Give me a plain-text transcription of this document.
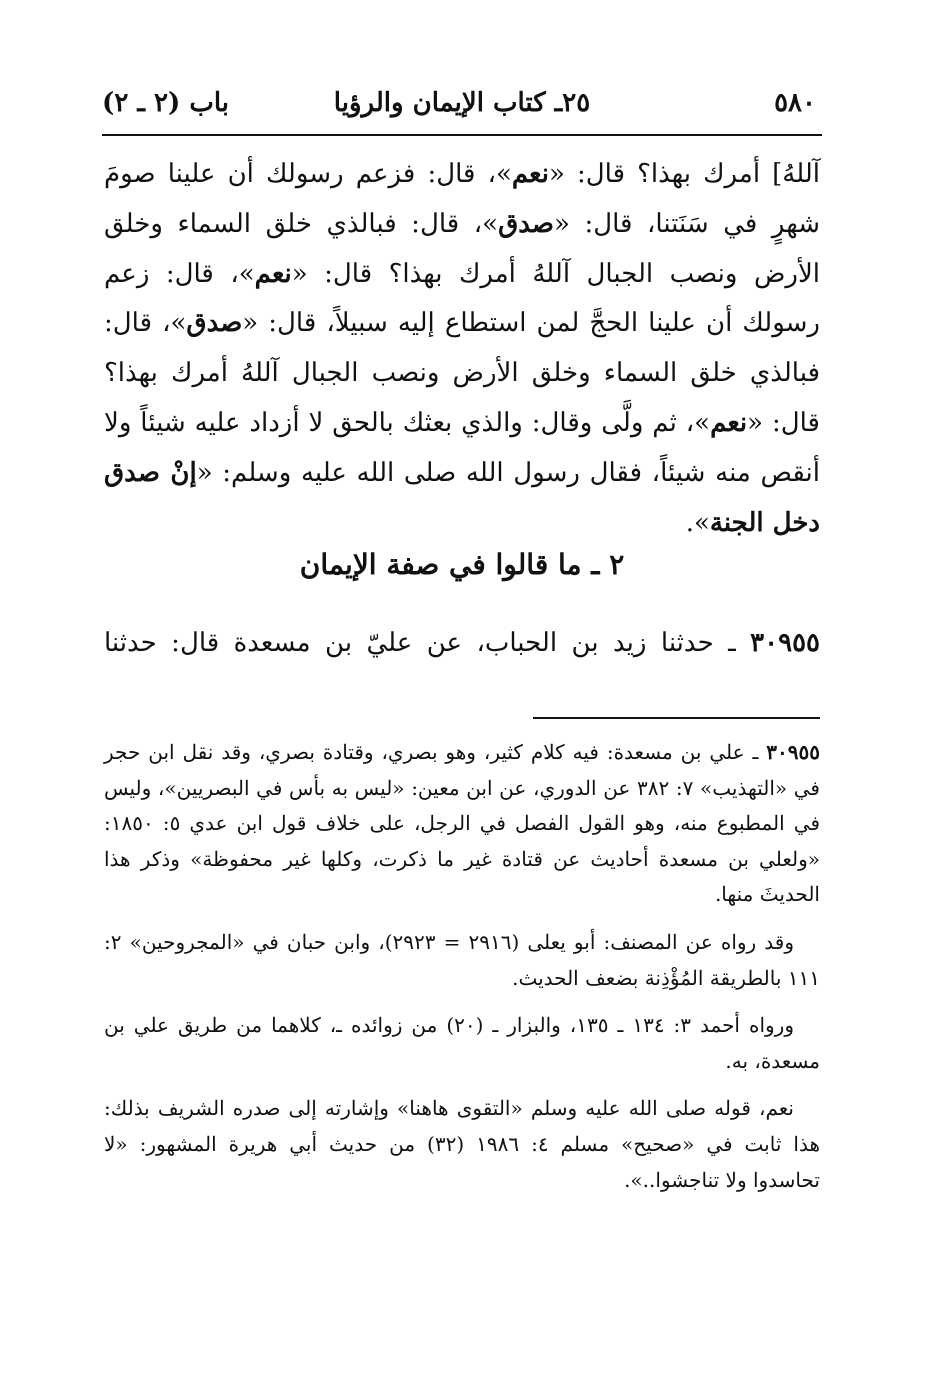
٥٨٠
٢٥ـ كتاب الإيمان والرؤيا
باب (٢ ـ ٢)
آللهُ] أمرك بهذا؟ قال: «نعم»، قال: فزعم رسولك أن علينا صومَ شهرٍ في سَنَتنا، قال: «صدق»، قال: فبالذي خلق السماء وخلق الأرض ونصب الجبال آللهُ أمرك بهذا؟ قال: «نعم»، قال: زعم رسولك أن علينا الحجَّ لمن استطاع إليه سبيلاً، قال: «صدق»، قال: فبالذي خلق السماء وخلق الأرض ونصب الجبال آللهُ أمرك بهذا؟ قال: «نعم»، ثم ولَّى وقال: والذي بعثك بالحق لا أزداد عليه شيئاً ولا أنقص منه شيئاً، فقال رسول الله صلى الله عليه وسلم: «إنْ صدق دخل الجنة».
٢ ـ ما قالوا في صفة الإيمان
٣٠٩٥٥ ـ حدثنا زيد بن الحباب، عن عليّ بن مسعدة قال: حدثنا

٣٠٩٥٥ ـ علي بن مسعدة: فيه كلام كثير، وهو بصري، وقتادة بصري، وقد نقل ابن حجر في «التهذيب» ٧: ٣٨٢ عن الدوري، عن ابن معين: «ليس به بأس في البصريين»، وليس في المطبوع منه، وهو القول الفصل في الرجل، على خلاف قول ابن عدي ٥: ١٨٥٠: «ولعلي بن مسعدة أحاديث عن قتادة غير ما ذكرت، وكلها غير محفوظة» وذكر هذا الحديثَ منها.

وقد رواه عن المصنف: أبو يعلى (٢٩١٦ = ٢٩٢٣)، وابن حبان في «المجروحين» ٢: ١١١ بالطريقة المُؤْذِنة بضعف الحديث.

ورواه أحمد ٣: ١٣٤ ـ ١٣٥، والبزار ـ (٢٠) من زوائده ـ، كلاهما من طريق علي بن مسعدة، به.

نعم، قوله صلى الله عليه وسلم «التقوى هاهنا» وإشارته إلى صدره الشريف بذلك: هذا ثابت في «صحيح» مسلم ٤: ١٩٨٦ (٣٢) من حديث أبي هريرة المشهور: «لا تحاسدوا ولا تناجشوا..».
